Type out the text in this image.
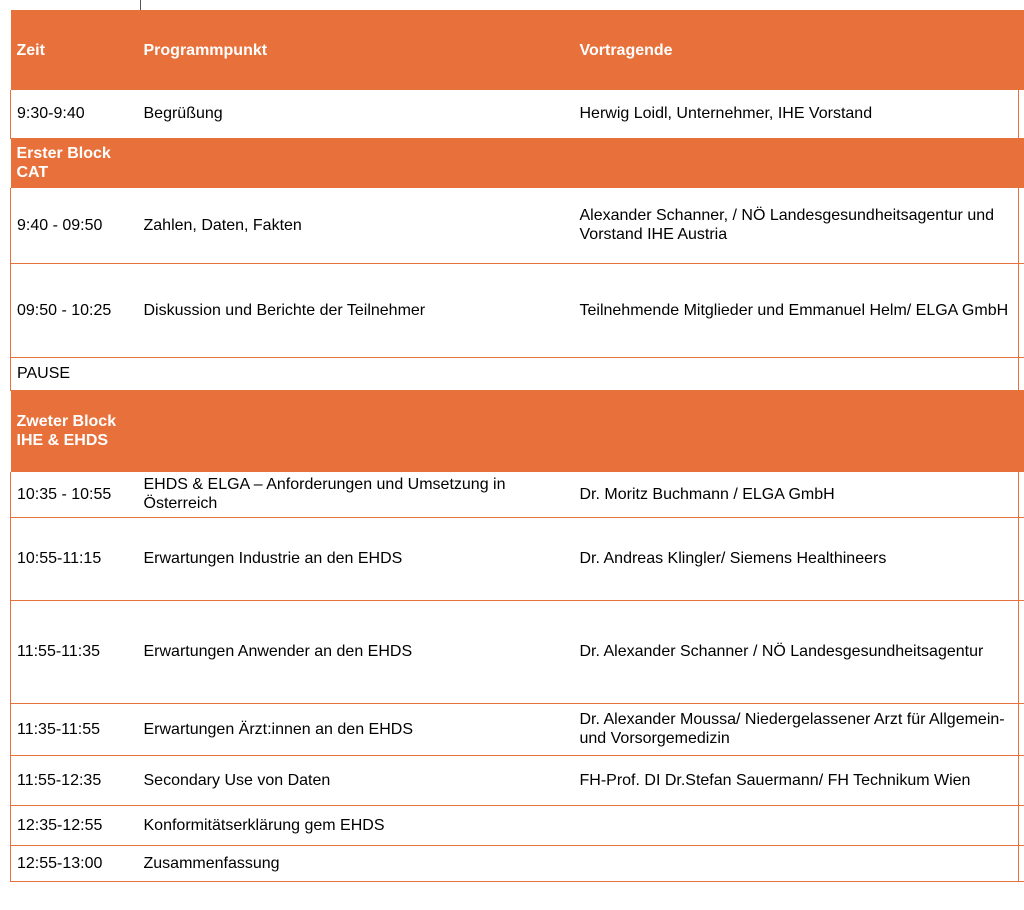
Zeit	Programmpunkt	Vortragende	
9:30-9:40	Begrüßung	Herwig Loidl, Unternehmer, IHE Vorstand	
Erster Block CAT			
9:40 - 09:50	Zahlen, Daten, Fakten	Alexander Schanner, / NÖ Landesgesundheitsagentur und Vorstand IHE Austria	
09:50 - 10:25	Diskussion und Berichte der Teilnehmer	Teilnehmende Mitglieder und Emmanuel Helm/ ELGA GmbH	
PAUSE			
Zweter Block IHE & EHDS			
10:35 - 10:55	EHDS & ELGA – Anforderungen und Umsetzung in Österreich	Dr. Moritz Buchmann / ELGA GmbH	
10:55-11:15	Erwartungen Industrie an den EHDS	Dr. Andreas Klingler/ Siemens Healthineers	
11:55-11:35	Erwartungen Anwender an den EHDS	Dr. Alexander Schanner / NÖ Landesgesundheitsagentur	
11:35-11:55	Erwartungen Ärzt:innen an den EHDS	Dr. Alexander Moussa/ Niedergelassener Arzt für Allgemein- und Vorsorgemedizin	
11:55-12:35	Secondary Use von Daten	FH-Prof. DI Dr.Stefan Sauermann/ FH Technikum Wien	
12:35-12:55	Konformitätserklärung gem EHDS		
12:55-13:00	Zusammenfassung		
